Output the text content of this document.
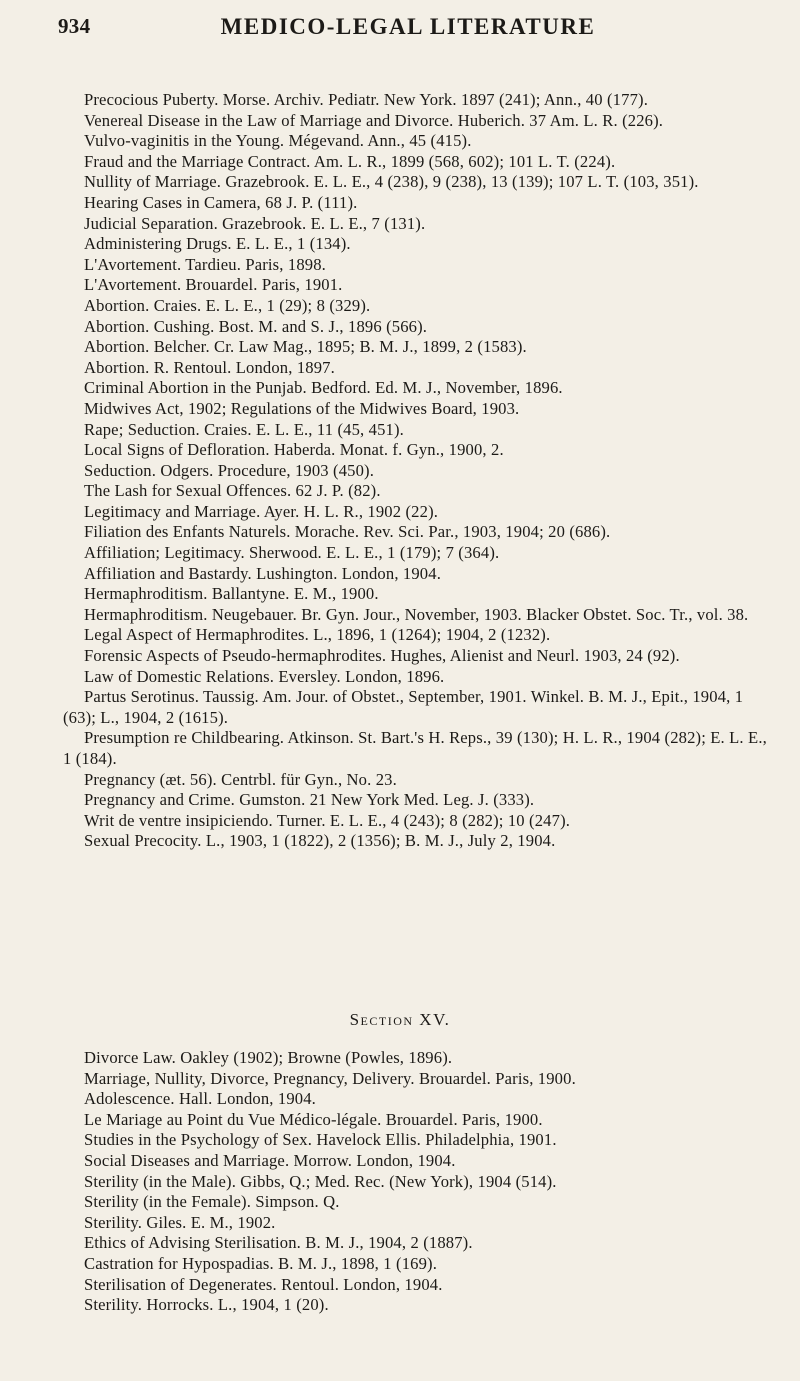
934	MEDICO-LEGAL LITERATURE

Precocious Puberty. Morse. Archiv. Pediatr. New York. 1897 (241); Ann., 40 (177).

Venereal Disease in the Law of Marriage and Divorce. Huberich. 37 Am. L. R. (226).

Vulvo-vaginitis in the Young. Mégevand. Ann., 45 (415).

Fraud and the Marriage Contract. Am. L. R., 1899 (568, 602); 101 L. T. (224).

Nullity of Marriage. Grazebrook. E. L. E., 4 (238), 9 (238), 13 (139); 107 L. T. (103, 351).

Hearing Cases in Camera, 68 J. P. (111).

Judicial Separation. Grazebrook. E. L. E., 7 (131).

Administering Drugs. E. L. E., 1 (134).

L'Avortement. Tardieu. Paris, 1898.

L'Avortement. Brouardel. Paris, 1901.

Abortion. Craies. E. L. E., 1 (29); 8 (329).

Abortion. Cushing. Bost. M. and S. J., 1896 (566).

Abortion. Belcher. Cr. Law Mag., 1895; B. M. J., 1899, 2 (1583).

Abortion. R. Rentoul. London, 1897.

Criminal Abortion in the Punjab. Bedford. Ed. M. J., November, 1896.

Midwives Act, 1902; Regulations of the Midwives Board, 1903.

Rape; Seduction. Craies. E. L. E., 11 (45, 451).

Local Signs of Defloration. Haberda. Monat. f. Gyn., 1900, 2.

Seduction. Odgers. Procedure, 1903 (450).

The Lash for Sexual Offences. 62 J. P. (82).

Legitimacy and Marriage. Ayer. H. L. R., 1902 (22).

Filiation des Enfants Naturels. Morache. Rev. Sci. Par., 1903, 1904; 20 (686).

Affiliation; Legitimacy. Sherwood. E. L. E., 1 (179); 7 (364).

Affiliation and Bastardy. Lushington. London, 1904.

Hermaphroditism. Ballantyne. E. M., 1900.

Hermaphroditism. Neugebauer. Br. Gyn. Jour., November, 1903. Blacker Obstet. Soc. Tr., vol. 38.

Legal Aspect of Hermaphrodites. L., 1896, 1 (1264); 1904, 2 (1232).

Forensic Aspects of Pseudo-hermaphrodites. Hughes, Alienist and Neurl. 1903, 24 (92).

Law of Domestic Relations. Eversley. London, 1896.

Partus Serotinus. Taussig. Am. Jour. of Obstet., September, 1901. Winkel. B. M. J., Epit., 1904, 1 (63); L., 1904, 2 (1615).

Presumption re Childbearing. Atkinson. St. Bart.'s H. Reps., 39 (130); H. L. R., 1904 (282); E. L. E., 1 (184).

Pregnancy (æt. 56). Centrbl. für Gyn., No. 23.

Pregnancy and Crime. Gumston. 21 New York Med. Leg. J. (333).

Writ de ventre insipiciendo. Turner. E. L. E., 4 (243); 8 (282); 10 (247).

Sexual Precocity. L., 1903, 1 (1822), 2 (1356); B. M. J., July 2, 1904.

Section XV.

Divorce Law. Oakley (1902); Browne (Powles, 1896).

Marriage, Nullity, Divorce, Pregnancy, Delivery. Brouardel. Paris, 1900.

Adolescence. Hall. London, 1904.

Le Mariage au Point du Vue Médico-légale. Brouardel. Paris, 1900.

Studies in the Psychology of Sex. Havelock Ellis. Philadelphia, 1901.

Social Diseases and Marriage. Morrow. London, 1904.

Sterility (in the Male). Gibbs, Q.; Med. Rec. (New York), 1904 (514).

Sterility (in the Female). Simpson. Q.

Sterility. Giles. E. M., 1902.

Ethics of Advising Sterilisation. B. M. J., 1904, 2 (1887).

Castration for Hypospadias. B. M. J., 1898, 1 (169).

Sterilisation of Degenerates. Rentoul. London, 1904.

Sterility. Horrocks. L., 1904, 1 (20).
